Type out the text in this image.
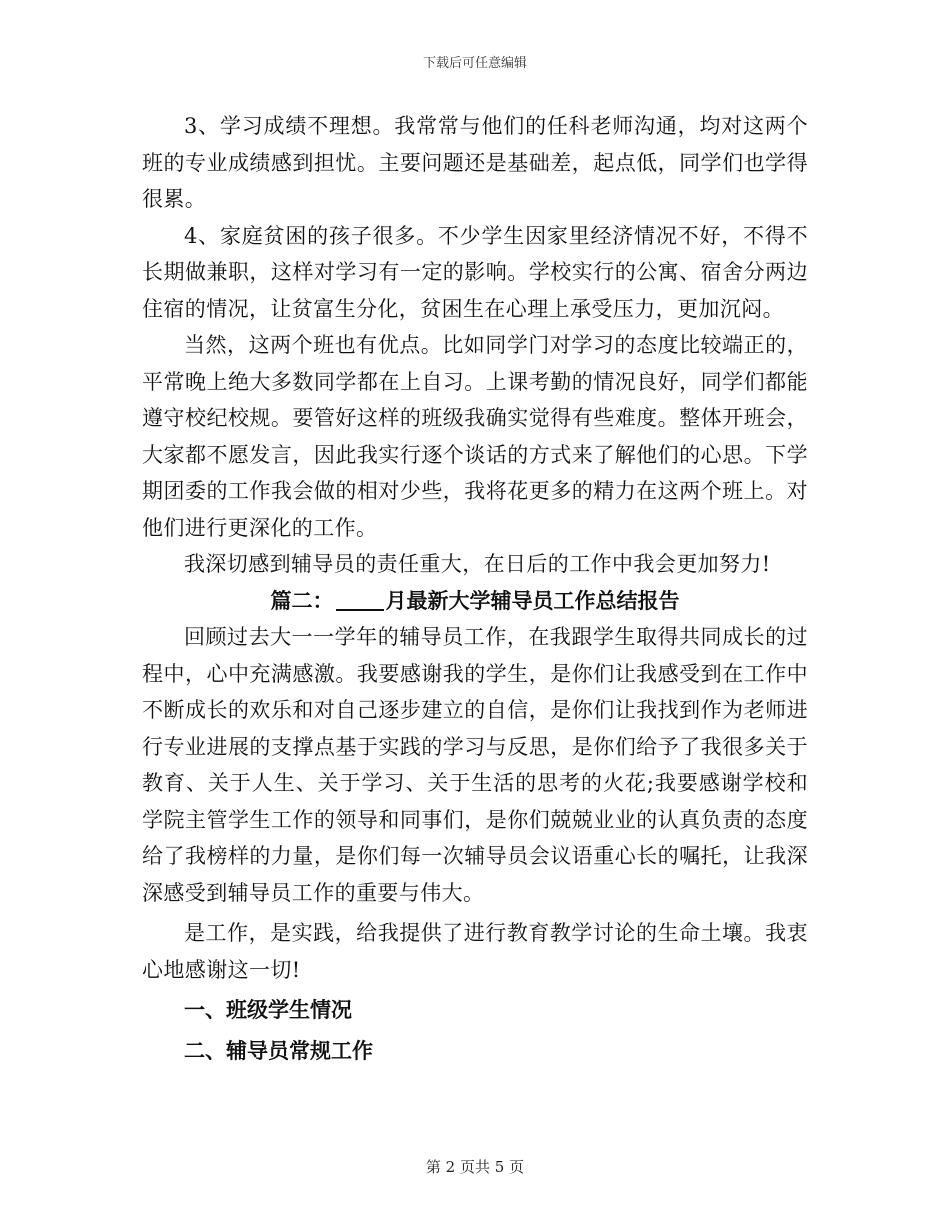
下载后可任意编辑

3、学习成绩不理想。我常常与他们的任科老师沟通，均对这两个班的专业成绩感到担忧。主要问题还是基础差，起点低，同学们也学得很累。

4、家庭贫困的孩子很多。不少学生因家里经济情况不好，不得不长期做兼职，这样对学习有一定的影响。学校实行的公寓、宿舍分两边住宿的情况，让贫富生分化，贫困生在心理上承受压力，更加沉闷。

当然，这两个班也有优点。比如同学门对学习的态度比较端正的，平常晚上绝大多数同学都在上自习。上课考勤的情况良好，同学们都能遵守校纪校规。要管好这样的班级我确实觉得有些难度。整体开班会，大家都不愿发言，因此我实行逐个谈话的方式来了解他们的心思。下学期团委的工作我会做的相对少些，我将花更多的精力在这两个班上。对他们进行更深化的工作。

我深切感到辅导员的责任重大，在日后的工作中我会更加努力!

篇二： 月最新大学辅导员工作总结报告

回顾过去大一一学年的辅导员工作，在我跟学生取得共同成长的过程中，心中充满感激。我要感谢我的学生，是你们让我感受到在工作中不断成长的欢乐和对自己逐步建立的自信，是你们让我找到作为老师进行专业进展的支撑点基于实践的学习与反思，是你们给予了我很多关于教育、关于人生、关于学习、关于生活的思考的火花;我要感谢学校和学院主管学生工作的领导和同事们，是你们兢兢业业的认真负责的态度给了我榜样的力量，是你们每一次辅导员会议语重心长的嘱托，让我深深感受到辅导员工作的重要与伟大。

是工作，是实践，给我提供了进行教育教学讨论的生命土壤。我衷心地感谢这一切!

一、班级学生情况

二、辅导员常规工作

第 2 页共 5 页
